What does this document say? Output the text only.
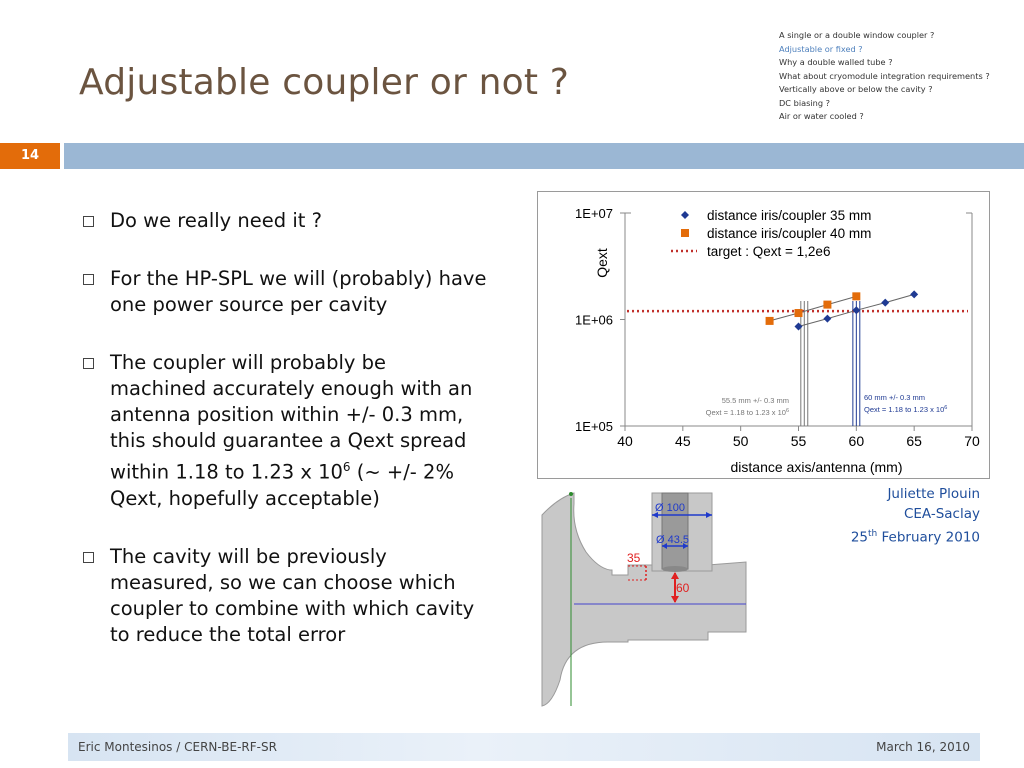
Adjustable coupler or not ?
A single or a double window coupler ?
Adjustable or fixed ?
Why a double walled tube ?
What about cryomodule integration requirements ?
Vertically above or below the cavity ?
DC biasing ?
Air or water cooled ?
14
Do we really need it ?
For the HP-SPL we will (probably) have one power source per cavity
The coupler will probably be machined accurately enough with an antenna position within +/- 0.3 mm, this should guarantee a Qext spread within 1.18 to 1.23 x $10^6$ (~ +/- 2% Qext, hopefully acceptable)
The cavity will be previously measured, so we can choose which coupler to combine with which cavity to reduce the total error
1E+05
1E+06
1E+07
40	45	50	55	60	65	70
distance axis/antenna (mm)
Qext
distance iris/coupler 35 mm
distance iris/coupler 40 mm
target : Qext = 1,2e6
55.5 mm +/- 0.3 mm
Qext = 1.18 to 1.23 x $10^6$
60 mm +/- 0.3 mm
Qext = 1.18 to 1.23 x $10^6$
Juliette Plouin
CEA-Saclay
25th February 2010
Ø 100
Ø 43.5
35
60
Eric Montesinos / CERN-BE-RF-SR	March 16, 2010
